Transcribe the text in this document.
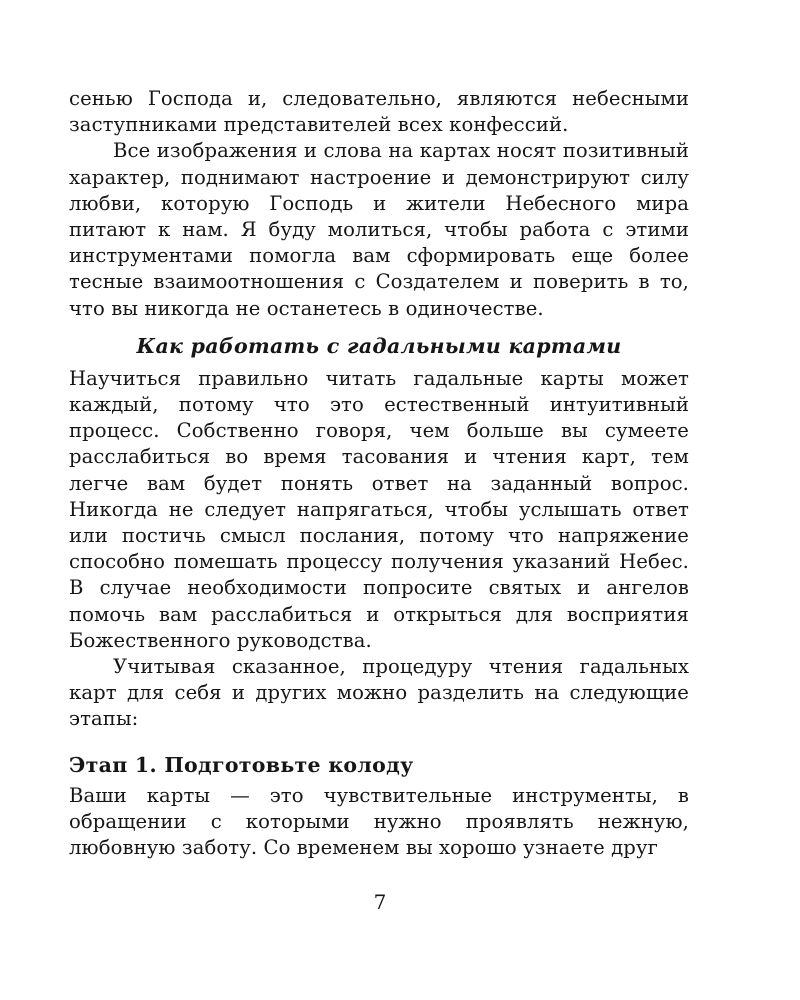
сенью Господа и, следовательно, являются небесными заступниками представителей всех конфессий.

Все изображения и слова на картах носят позитивный характер, поднимают настроение и демонстрируют силу любви, которую Господь и жители Небесного мира питают к нам. Я буду молиться, чтобы работа с этими инструментами помогла вам сформировать еще более тесные взаимоотношения с Создателем и поверить в то, что вы никогда не останетесь в одиночестве.

Как работать с гадальными картами

Научиться правильно читать гадальные карты может каждый, потому что это естественный интуитивный процесс. Собственно говоря, чем больше вы сумеете расслабиться во время тасования и чтения карт, тем легче вам будет понять ответ на заданный вопрос. Никогда не следует напрягаться, чтобы услышать ответ или постичь смысл послания, потому что напряжение способно помешать процессу получения указаний Небес. В случае необходимости попросите святых и ангелов помочь вам расслабиться и открыться для восприятия Божественного руководства.

Учитывая сказанное, процедуру чтения гадальных карт для себя и других можно разделить на следующие этапы:

Этап 1. Подготовьте колоду

Ваши карты — это чувствительные инструменты, в обращении с которыми нужно проявлять нежную, любовную заботу. Со временем вы хорошо узнаете друг

7
